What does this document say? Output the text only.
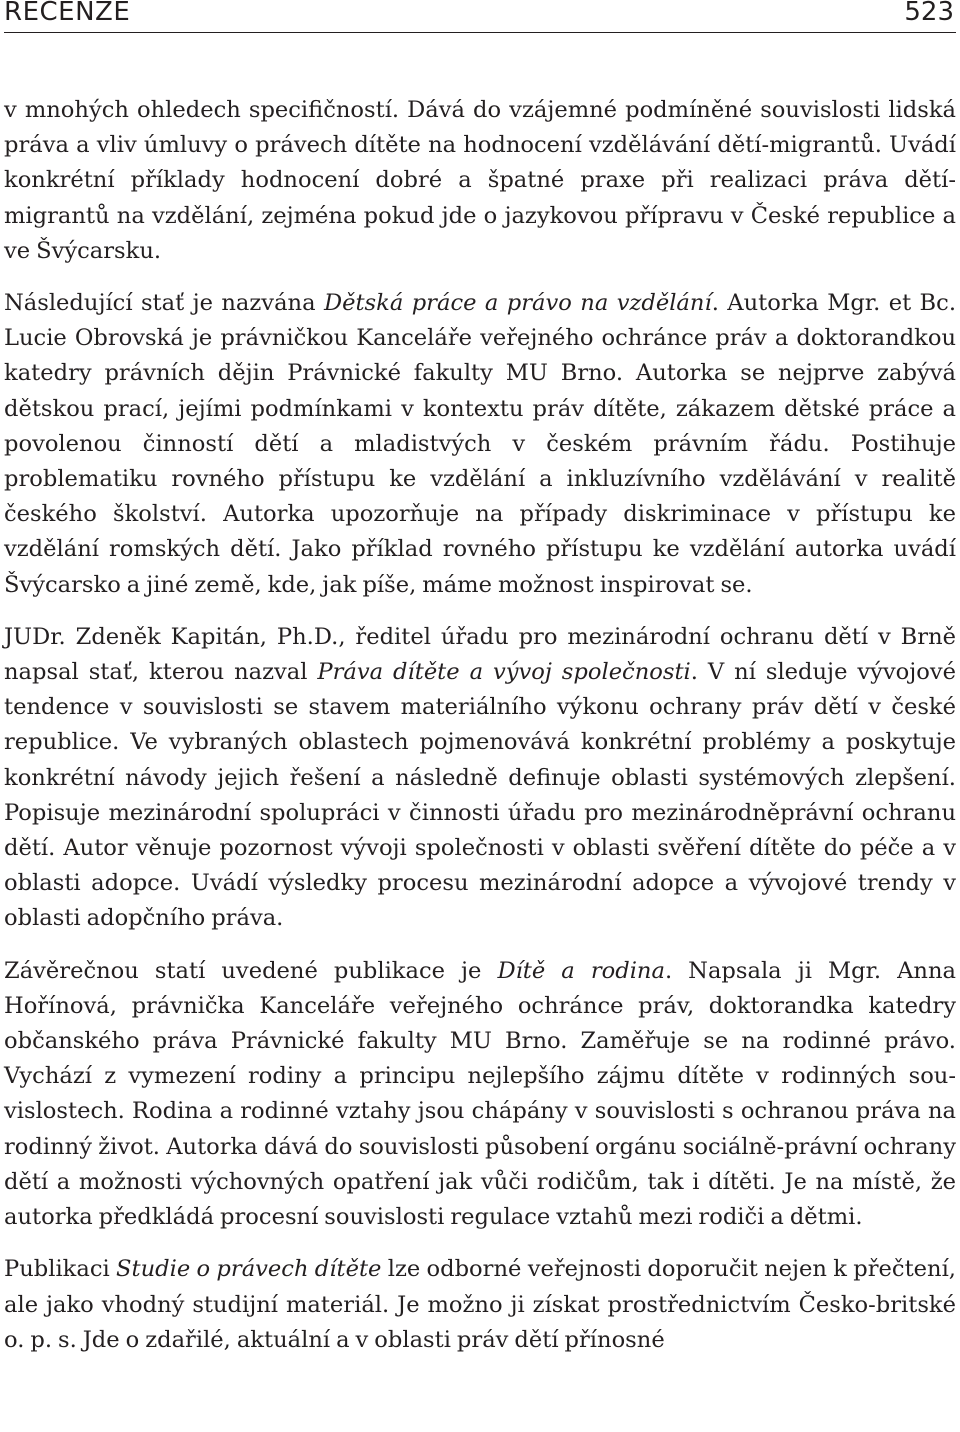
RECENZE	523

v mnohých ohledech specifičností. Dává do vzájemné podmíněné souvislosti lidská práva a vliv úmluvy o právech dítěte na hodnocení vzdělávání dětí-migrantů. Uvádí konkrétní příklady hodnocení dobré a špatné praxe při realizaci práva dětí-migrantů na vzdělání, zejména pokud jde o jazykovou přípravu v České republice a ve Švýcarsku.

Následující stať je nazvána Dětská práce a právo na vzdělání. Autorka Mgr. et Bc. Lucie Obrovská je právničkou Kanceláře veřejného ochránce práv a doktorandkou katedry právních dějin Právnické fakulty MU Brno. Autorka se nejprve zabývá dětskou prací, jejími podmínkami v kontextu práv dítěte, zákazem dětské práce a povolenou činností dětí a mladistvých v českém právním řádu. Postihuje problematiku rovného přístupu ke vzdělání a inkluzívního vzdělávání v realitě českého školství. Autorka upozorňuje na případy diskriminace v přístupu ke vzdělání romských dětí. Jako příklad rovného přístupu ke vzdělání autorka uvádí Švýcarsko a jiné země, kde, jak píše, máme možnost inspirovat se.

JUDr. Zdeněk Kapitán, Ph.D., ředitel úřadu pro mezinárodní ochranu dětí v Brně napsal stať, kterou nazval Práva dítěte a vývoj společnosti. V ní sleduje vývojové tendence v souvislosti se stavem materiálního výkonu ochrany práv dětí v české republice. Ve vybraných oblastech pojmenovává konkrétní problémy a poskytuje konkrétní návody jejich řešení a následně definuje oblasti systémových zlepšení. Popisuje mezinárodní spolupráci v činnosti úřadu pro mezinárodněprávní ochranu dětí. Autor věnuje pozornost vývoji společnosti v oblasti svěření dítěte do péče a v oblasti adopce. Uvádí výsledky procesu mezinárodní adopce a vývojové trendy v oblasti adopčního práva.

Závěrečnou statí uvedené publikace je Dítě a rodina. Napsala ji Mgr. Anna Hořínová, právnička Kanceláře veřejného ochránce práv, doktorandka katedry občanského práva Právnické fakulty MU Brno. Zaměřuje se na rodinné právo. Vychází z vymezení rodiny a principu nejlepšího zájmu dítěte v rodinných souvislostech. Rodina a rodinné vztahy jsou chápány v souvislosti s ochranou práva na rodinný život. Autorka dává do souvislosti působení orgánu sociálně-právní ochrany dětí a možnosti výchovných opatření jak vůči rodičům, tak i dítěti. Je na místě, že autorka předkládá procesní souvislosti regulace vztahů mezi rodiči a dětmi.

Publikaci Studie o právech dítěte lze odborné veřejnosti doporučit nejen k přečtení, ale jako vhodný studijní materiál. Je možno ji získat prostřednictvím Česko-britské o. p. s. Jde o zdařilé, aktuální a v oblasti práv dětí přínosné
